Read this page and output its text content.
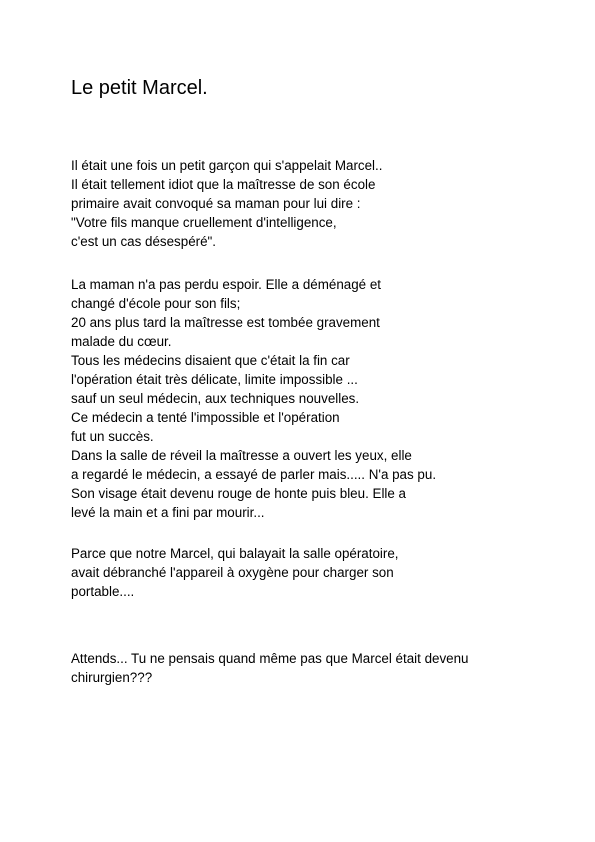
Le petit Marcel.
Il était une fois un petit garçon qui s'appelait Marcel..
Il était tellement idiot que la maîtresse de son école
primaire avait convoqué sa maman pour lui dire :
"Votre fils manque cruellement d'intelligence,
c'est un cas désespéré".
La maman n'a pas perdu espoir. Elle a déménagé et
changé d'école pour son fils;
20 ans plus tard la maîtresse est tombée gravement
malade du cœur.
Tous les médecins disaient que c'était la fin car
l'opération était très délicate, limite impossible ...
sauf un seul médecin, aux techniques nouvelles.
Ce médecin a tenté l'impossible et l'opération
fut un succès.
Dans la salle de réveil la maîtresse a ouvert les yeux, elle
a regardé le médecin, a essayé de parler mais..... N'a pas pu.
Son visage était devenu rouge de honte puis bleu. Elle a
levé la main et a fini par mourir...
Parce que notre Marcel, qui balayait la salle opératoire,
avait débranché l'appareil à oxygène pour charger son
portable....
Attends... Tu ne pensais quand même pas que Marcel était devenu
chirurgien???
